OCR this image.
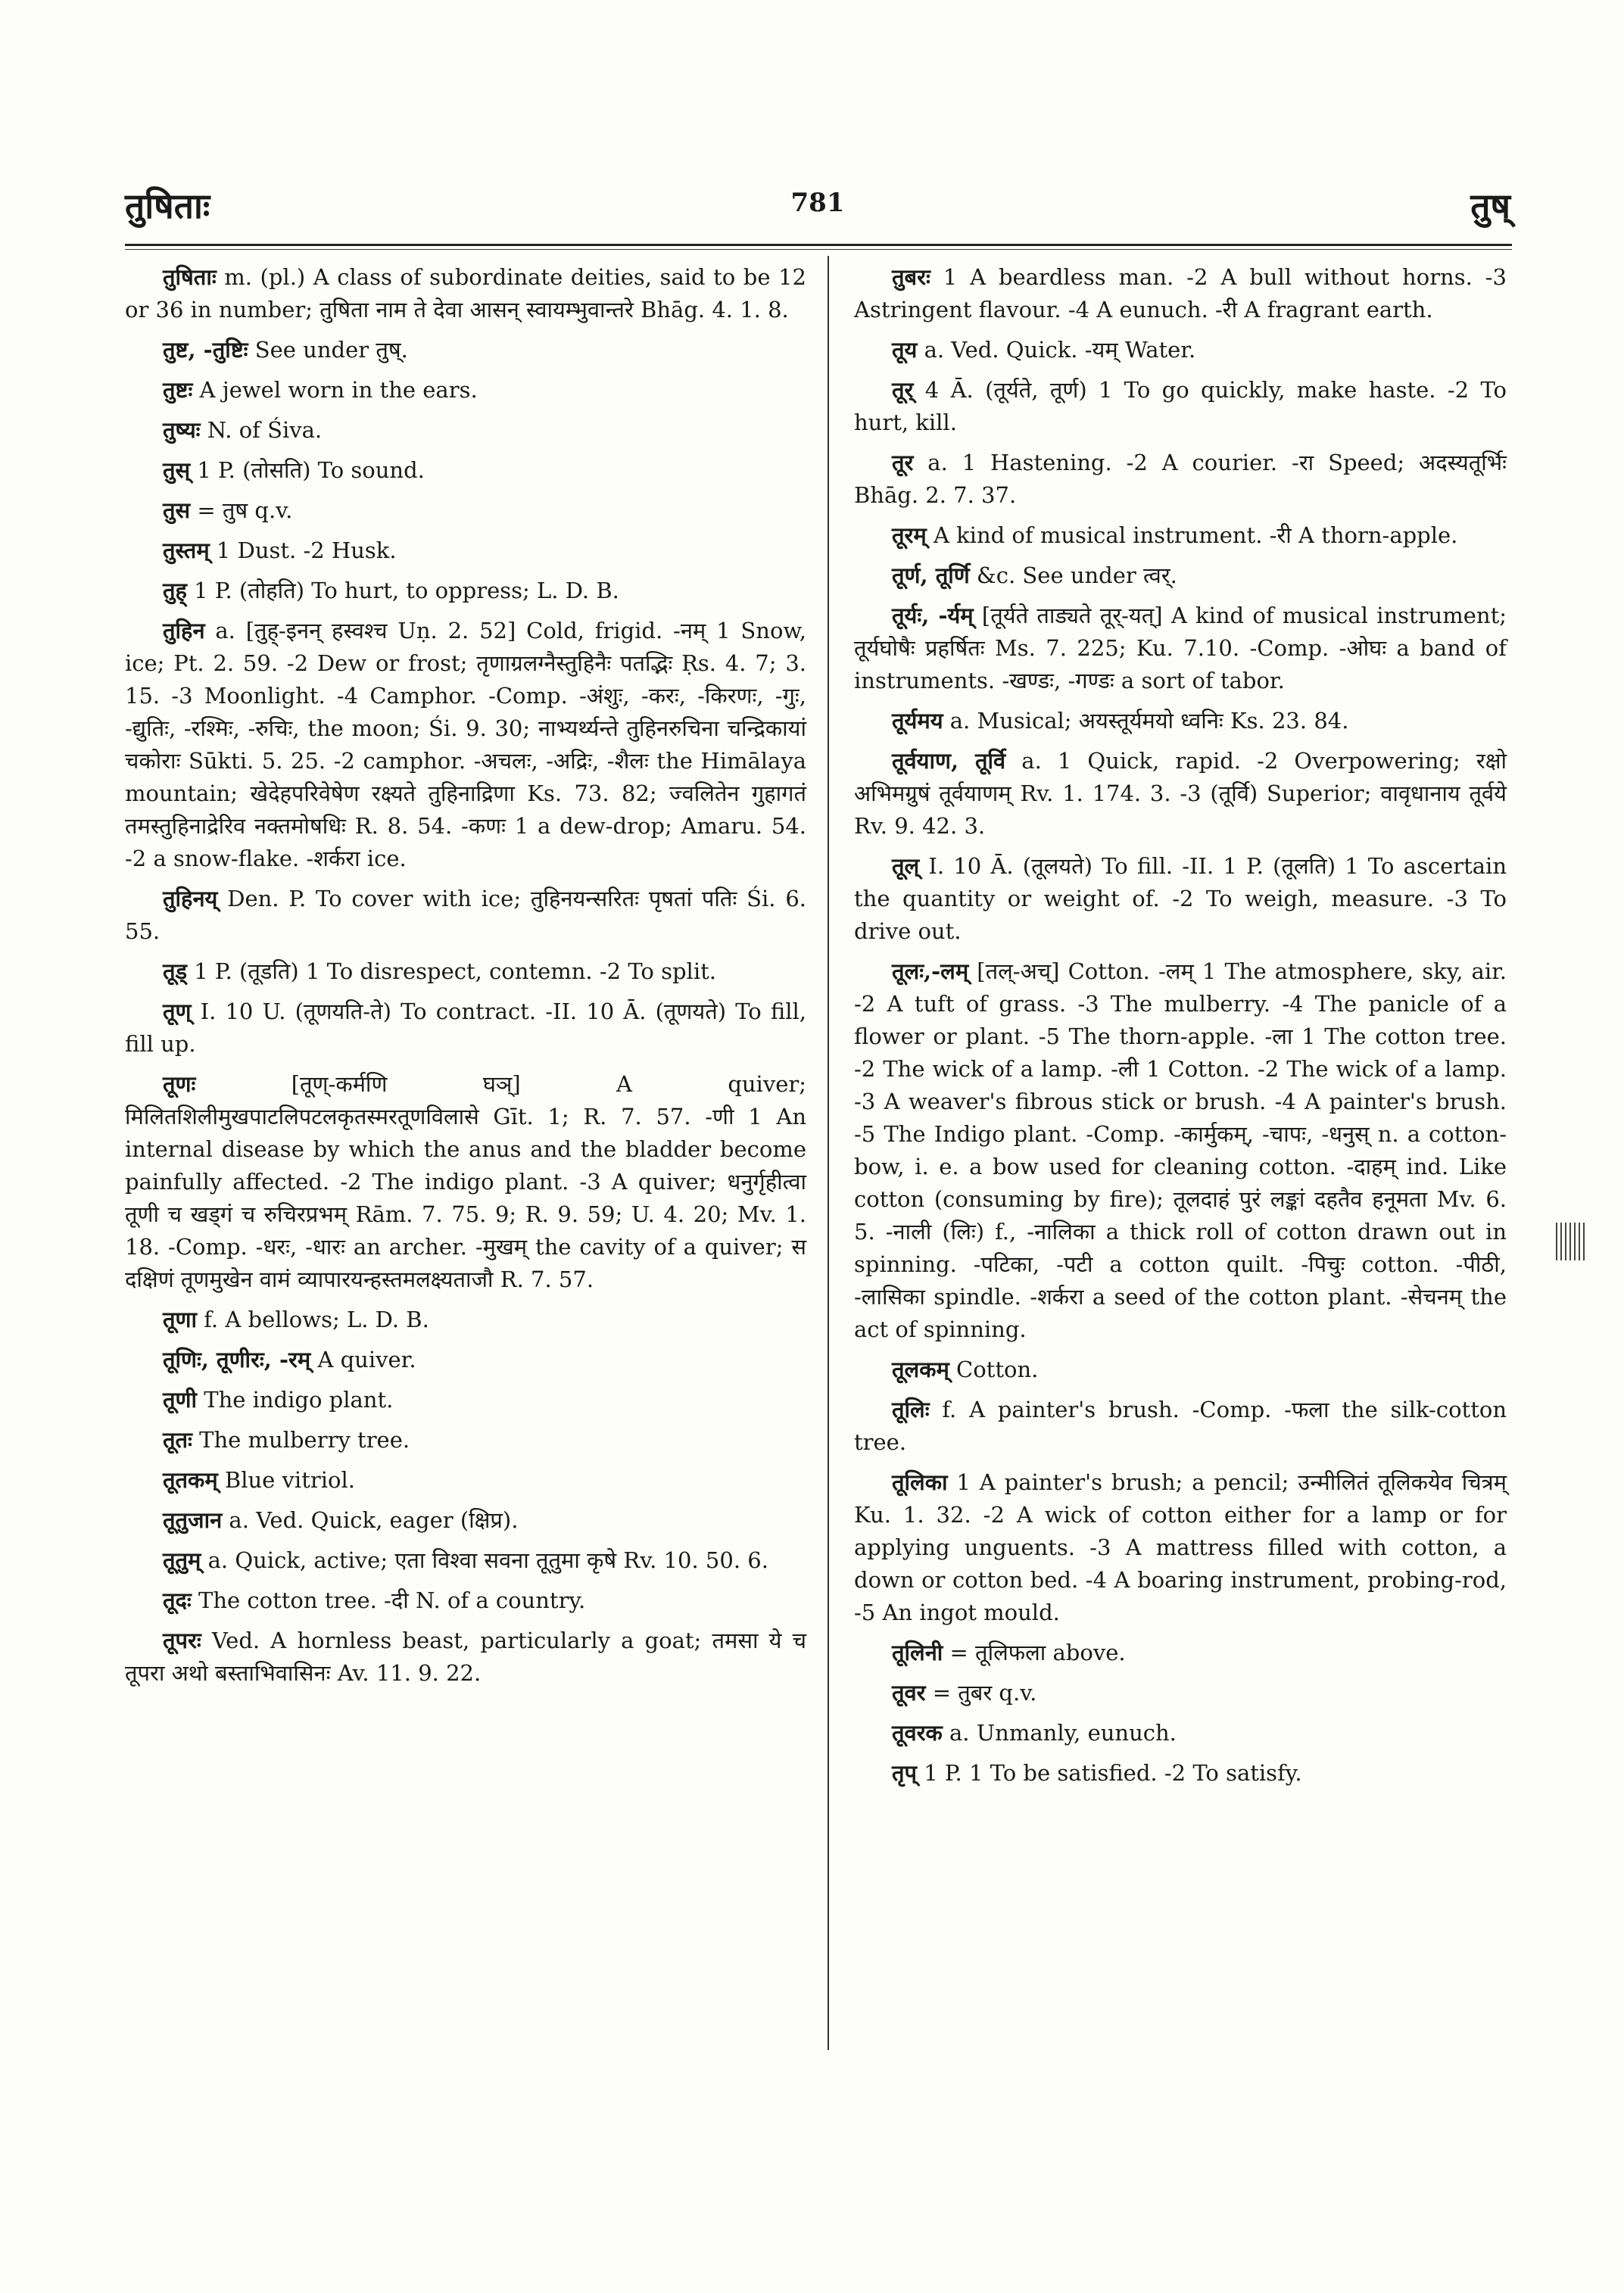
तुषिताः	781	तुष्

तुषिताः m. (pl.) A class of subordinate deities, said to be 12 or 36 in number; तुषिता नाम ते देवा आसन् स्वायम्भुवान्तरे Bhāg. 4. 1. 8.

तुष्ट, -तुष्टिः See under तुष्.

तुष्टः A jewel worn in the ears.

तुष्यः N. of Śiva.

तुस् 1 P. (तोसति) To sound.

तुस = तुष q.v.

तुस्तम् 1 Dust. -2 Husk.

तुह् 1 P. (तोहति) To hurt, to oppress; L. D. B.

तुहिन a. [तुह्-इनन् हस्वश्च Uṇ. 2. 52] Cold, frigid. -नम् 1 Snow, ice; Pt. 2. 59. -2 Dew or frost; तृणाग्रलग्नैस्तुहिनैः पतद्भिः Ṛs. 4. 7; 3. 15. -3 Moonlight. -4 Camphor. -Comp. -अंशुः, -करः, -किरणः, -गुः, -द्युतिः, -रश्मिः, -रुचिः, the moon; Śi. 9. 30; नाभ्यर्थ्यन्ते तुहिनरुचिना चन्द्रिकायां चकोराः Sūkti. 5. 25. -2 camphor. -अचलः, -अद्रिः, -शैलः the Himālaya mountain; खेदेहपरिवेषेण रक्ष्यते तुहिनाद्रिणा Ks. 73. 82; ज्वलितेन गुहागतं तमस्तुहिनाद्रेरिव नक्तमोषधिः R. 8. 54. -कणः 1 a dew-drop; Amaru. 54. -2 a snow-flake. -शर्करा ice.

तुहिनय् Den. P. To cover with ice; तुहिनयन्सरितः पृषतां पतिः Śi. 6. 55.

तूड् 1 P. (तूडति) 1 To disrespect, contemn. -2 To split.

तूण् I. 10 U. (तूणयति-ते) To contract. -II. 10 Ā. (तूणयते) To fill, fill up.

तूणः	[तूण्-कर्मणि घञ्] A quiver; मिलितशिलीमुखपाटलिपटलकृतस्मरतूणविलासे Gīt. 1; R. 7. 57. -णी 1 An internal disease by which the anus and the bladder become painfully affected. -2 The indigo plant. -3 A quiver; धनुर्गृहीत्वा तूणी च खड्गं च रुचिरप्रभम् Rām. 7. 75. 9; R. 9. 59; U. 4. 20; Mv. 1. 18. -Comp. -धरः, -धारः an archer. -मुखम् the cavity of a quiver; स दक्षिणं तूणमुखेन वामं व्यापारयन्हस्तमलक्ष्यताजौ R. 7. 57.

तूणा f. A bellows; L. D. B.

तूणिः, तूणीरः, -रम् A quiver.

तूणी The indigo plant.

तूतः The mulberry tree.

तूतकम् Blue vitriol.

तूतुजान a. Ved. Quick, eager (क्षिप्र).

तूतुम् a. Quick, active; एता विश्वा सवना तूतुमा कृषे Rv. 10. 50. 6.

तूदः The cotton tree. -दी N. of a country.

तूपरः Ved. A hornless beast, particularly a goat; तमसा ये च तूपरा अथो बस्ताभिवासिनः Av. 11. 9. 22.

तुबरः 1 A beardless man. -2 A bull without horns. -3 Astringent flavour. -4 A eunuch. -री A fragrant earth.

तूय a. Ved. Quick. -यम् Water.

तूर् 4 Ā. (तूर्यते, तूर्ण) 1 To go quickly, make haste. -2 To hurt, kill.

तूर a. 1 Hastening. -2 A courier. -रा Speed; अदस्यतूर्भिः Bhāg. 2. 7. 37.

तूरम् A kind of musical instrument. -री A thorn-apple.

तूर्ण, तूर्णि &c. See under त्वर्.

तूर्यः, -र्यम् [तूर्यते ताड्यते तूर्-यत्] A kind of musical instrument; तूर्यघोषैः प्रहर्षितः Ms. 7. 225; Ku. 7.10. -Comp. -ओघः a band of instruments. -खण्डः, -गण्डः a sort of tabor.

तूर्यमय a. Musical; अयस्तूर्यमयो ध्वनिः Ks. 23. 84.

तूर्वयाण, तूर्वि a. 1 Quick, rapid. -2 Overpowering; रक्षो अभिमग्रुषं तूर्वयाणम् Rv. 1. 174. 3. -3 (तूर्वि) Superior; वावृधानाय तूर्वये Rv. 9. 42. 3.

तूल् I. 10 Ā. (तूलयते) To fill. -II. 1 P. (तूलति) 1 To ascertain the quantity or weight of. -2 To weigh, measure. -3 To drive out.

तूलः,-लम् [तल्-अच्] Cotton. -लम् 1 The atmosphere, sky, air. -2 A tuft of grass. -3 The mulberry. -4 The panicle of a flower or plant. -5 The thorn-apple. -ला 1 The cotton tree. -2 The wick of a lamp. -ली 1 Cotton. -2 The wick of a lamp. -3 A weaver's fibrous stick or brush. -4 A painter's brush. -5 The Indigo plant. -Comp. -कार्मुकम्, -चापः, -धनुस् n. a cotton-bow, i. e. a bow used for cleaning cotton. -दाहम् ind. Like cotton (consuming by fire); तूलदाहं पुरं लङ्कां दहतैव हनूमता Mv. 6. 5. -नाली (लिः) f., -नालिका a thick roll of cotton drawn out in spinning. -पटिका, -पटी a cotton quilt. -पिचुः cotton. -पीठी, -लासिका spindle. -शर्करा a seed of the cotton plant. -सेचनम् the act of spinning.

तूलकम् Cotton.

तूलिः f. A painter's brush. -Comp. -फला the silk-cotton tree.

तूलिका 1 A painter's brush; a pencil; उन्मीलितं तूलिकयेव चित्रम् Ku. 1. 32. -2 A wick of cotton either for a lamp or for applying unguents. -3 A mattress filled with cotton, a down or cotton bed. -4 A boaring instrument, probing-rod, -5 An ingot mould.

तूलिनी = तूलिफला above.

तूवर = तुबर q.v.

तूवरक a. Unmanly, eunuch.

तृप् 1 P. 1 To be satisfied. -2 To satisfy.
